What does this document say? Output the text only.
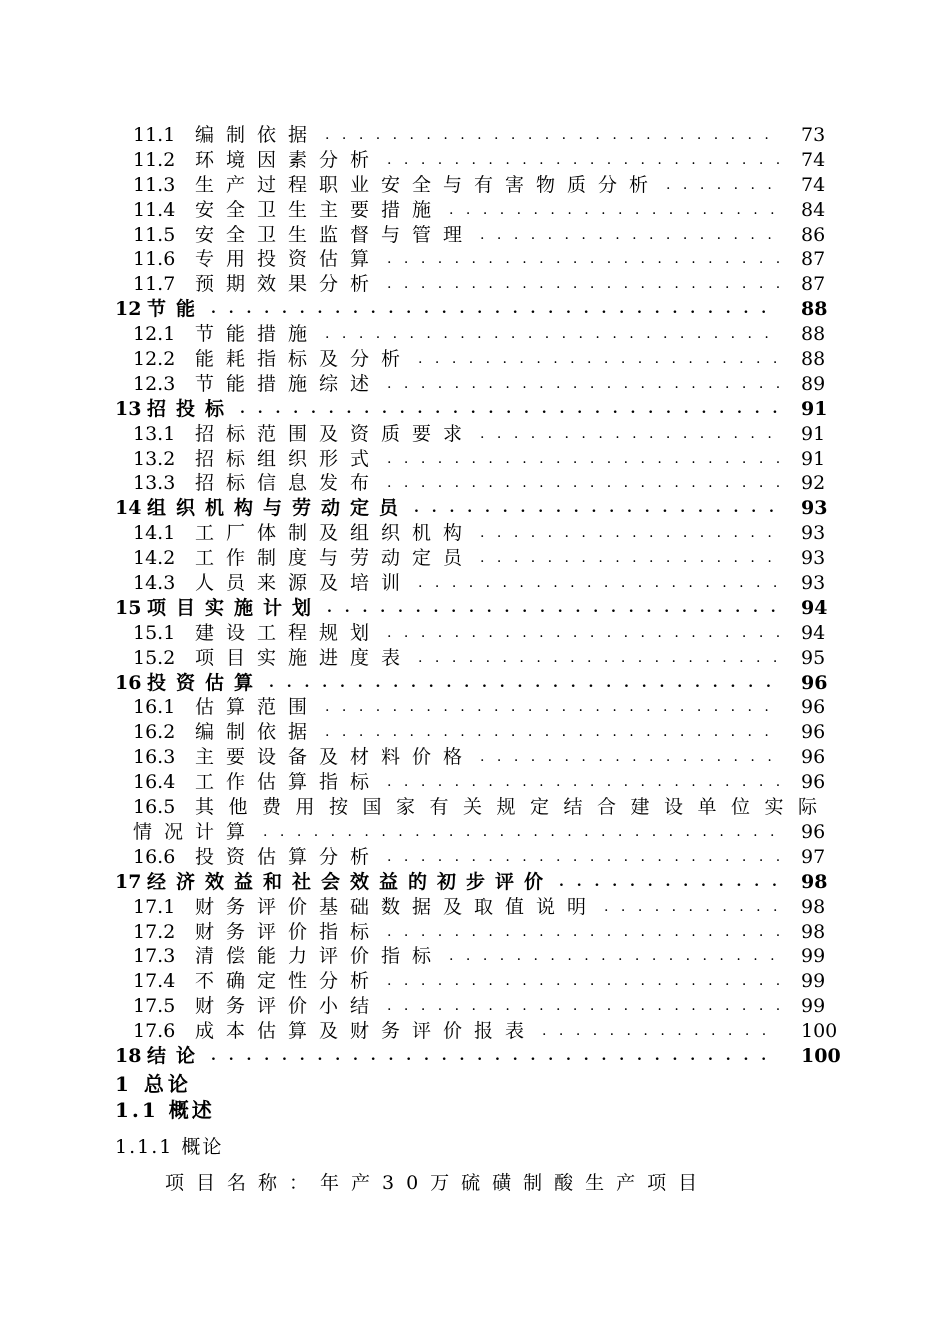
11.1	编制依据 . . .	73
11.2	环境因素分析 . . .	74
11.3	生产过程职业安全与有害物质分析 . . .	74
11.4	安全卫生主要措施 . . .	84
11.5	安全卫生监督与管理 . . .	86
11.6	专用投资估算 . . .	87
11.7	预期效果分析 . . .	87
12 节能 . . .	88
12.1	节能措施 . . .	88
12.2	能耗指标及分析 . . .	88
12.3	节能措施综述 . . .	89
13 招投标 . . .	91
13.1	招标范围及资质要求 . . .	91
13.2	招标组织形式 . . .	91
13.3	招标信息发布 . . .	92
14 组织机构与劳动定员 . . .	93
14.1	工厂体制及组织机构 . . .	93
14.2	工作制度与劳动定员 . . .	93
14.3	人员来源及培训 . . .	93
15 项目实施计划 . . .	94
15.1	建设工程规划 . . .	94
15.2	项目实施进度表 . . .	95
16 投资估算 . . .	96
16.1	估算范围 . . .	96
16.2	编制依据 . . .	96
16.3	主要设备及材料价格 . . .	96
16.4	工作估算指标 . . .	96
16.5 其他费用按国家有关规定结合建设单位实际
情况计算 . . .	96
16.6	投资估算分析 . . .	97
17 经济效益和社会效益的初步评价 . . .	98
17.1	财务评价基础数据及取值说明 . . .	98
17.2	财务评价指标 . . .	98
17.3	清偿能力评价指标 . . .	99
17.4	不确定性分析 . . .	99
17.5	财务评价小结 . . .	99
17.6	成本估算及财务评价报表 . . .	100
18 结论 . . .	100
1 总论
1.1 概述
1.1.1 概论
项目名称：年产30万硫磺制酸生产项目
